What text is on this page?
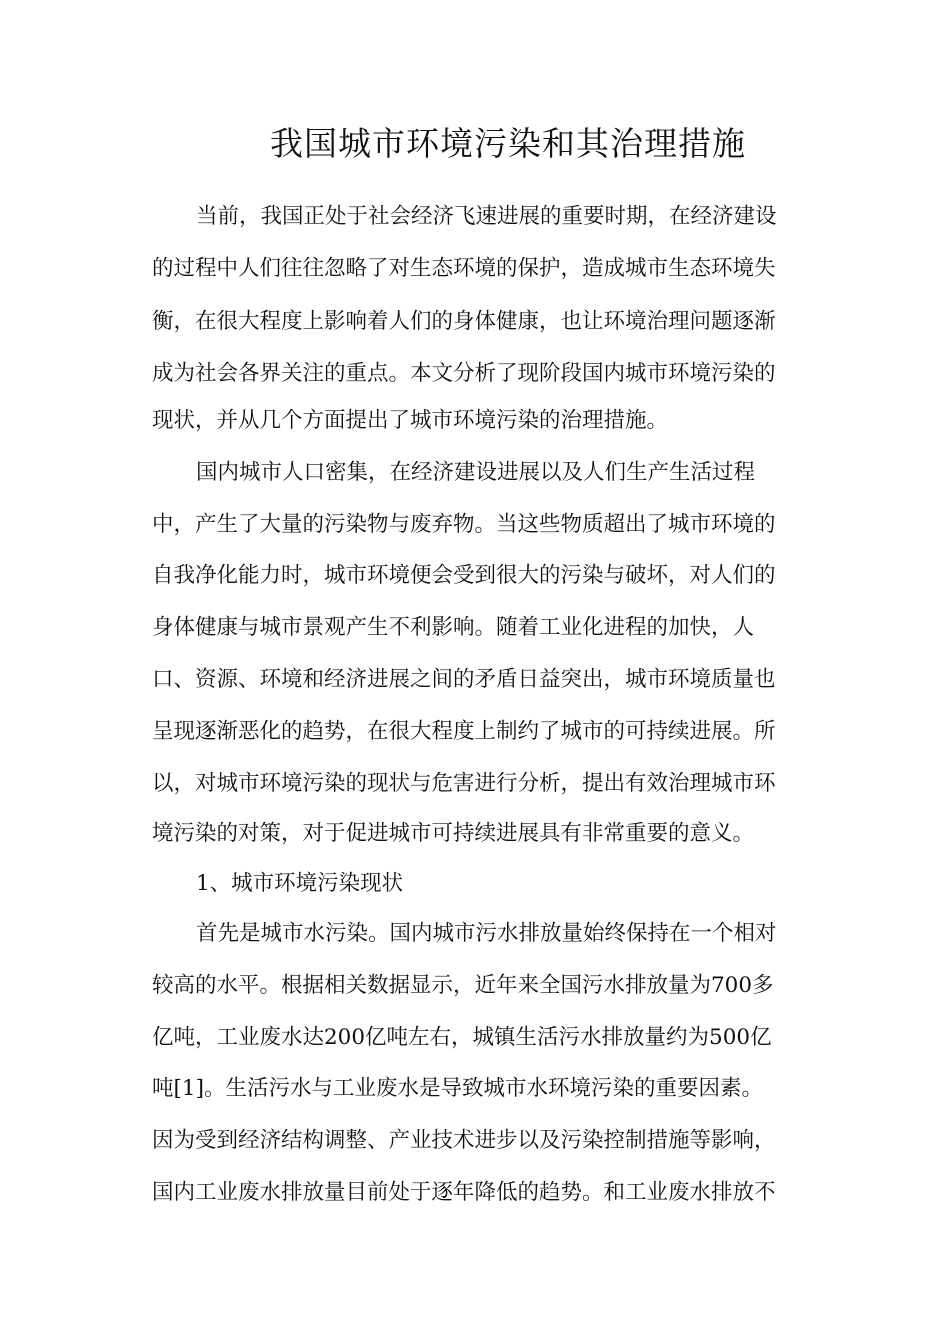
我国城市环境污染和其治理措施
当前，我国正处于社会经济飞速进展的重要时期，在经济建设
的过程中人们往往忽略了对生态环境的保护，造成城市生态环境失
衡，在很大程度上影响着人们的身体健康，也让环境治理问题逐渐
成为社会各界关注的重点。本文分析了现阶段国内城市环境污染的
现状，并从几个方面提出了城市环境污染的治理措施。
国内城市人口密集，在经济建设进展以及人们生产生活过程
中，产生了大量的污染物与废弃物。当这些物质超出了城市环境的
自我净化能力时，城市环境便会受到很大的污染与破坏，对人们的
身体健康与城市景观产生不利影响。随着工业化进程的加快，人
口、资源、环境和经济进展之间的矛盾日益突出，城市环境质量也
呈现逐渐恶化的趋势，在很大程度上制约了城市的可持续进展。所
以，对城市环境污染的现状与危害进行分析，提出有效治理城市环
境污染的对策，对于促进城市可持续进展具有非常重要的意义。
1、城市环境污染现状
首先是城市水污染。国内城市污水排放量始终保持在一个相对
较高的水平。根据相关数据显示，近年来全国污水排放量为700多
亿吨，工业废水达200亿吨左右，城镇生活污水排放量约为500亿
吨[1]。生活污水与工业废水是导致城市水环境污染的重要因素。
因为受到经济结构调整、产业技术进步以及污染控制措施等影响，
国内工业废水排放量目前处于逐年降低的趋势。和工业废水排放不
